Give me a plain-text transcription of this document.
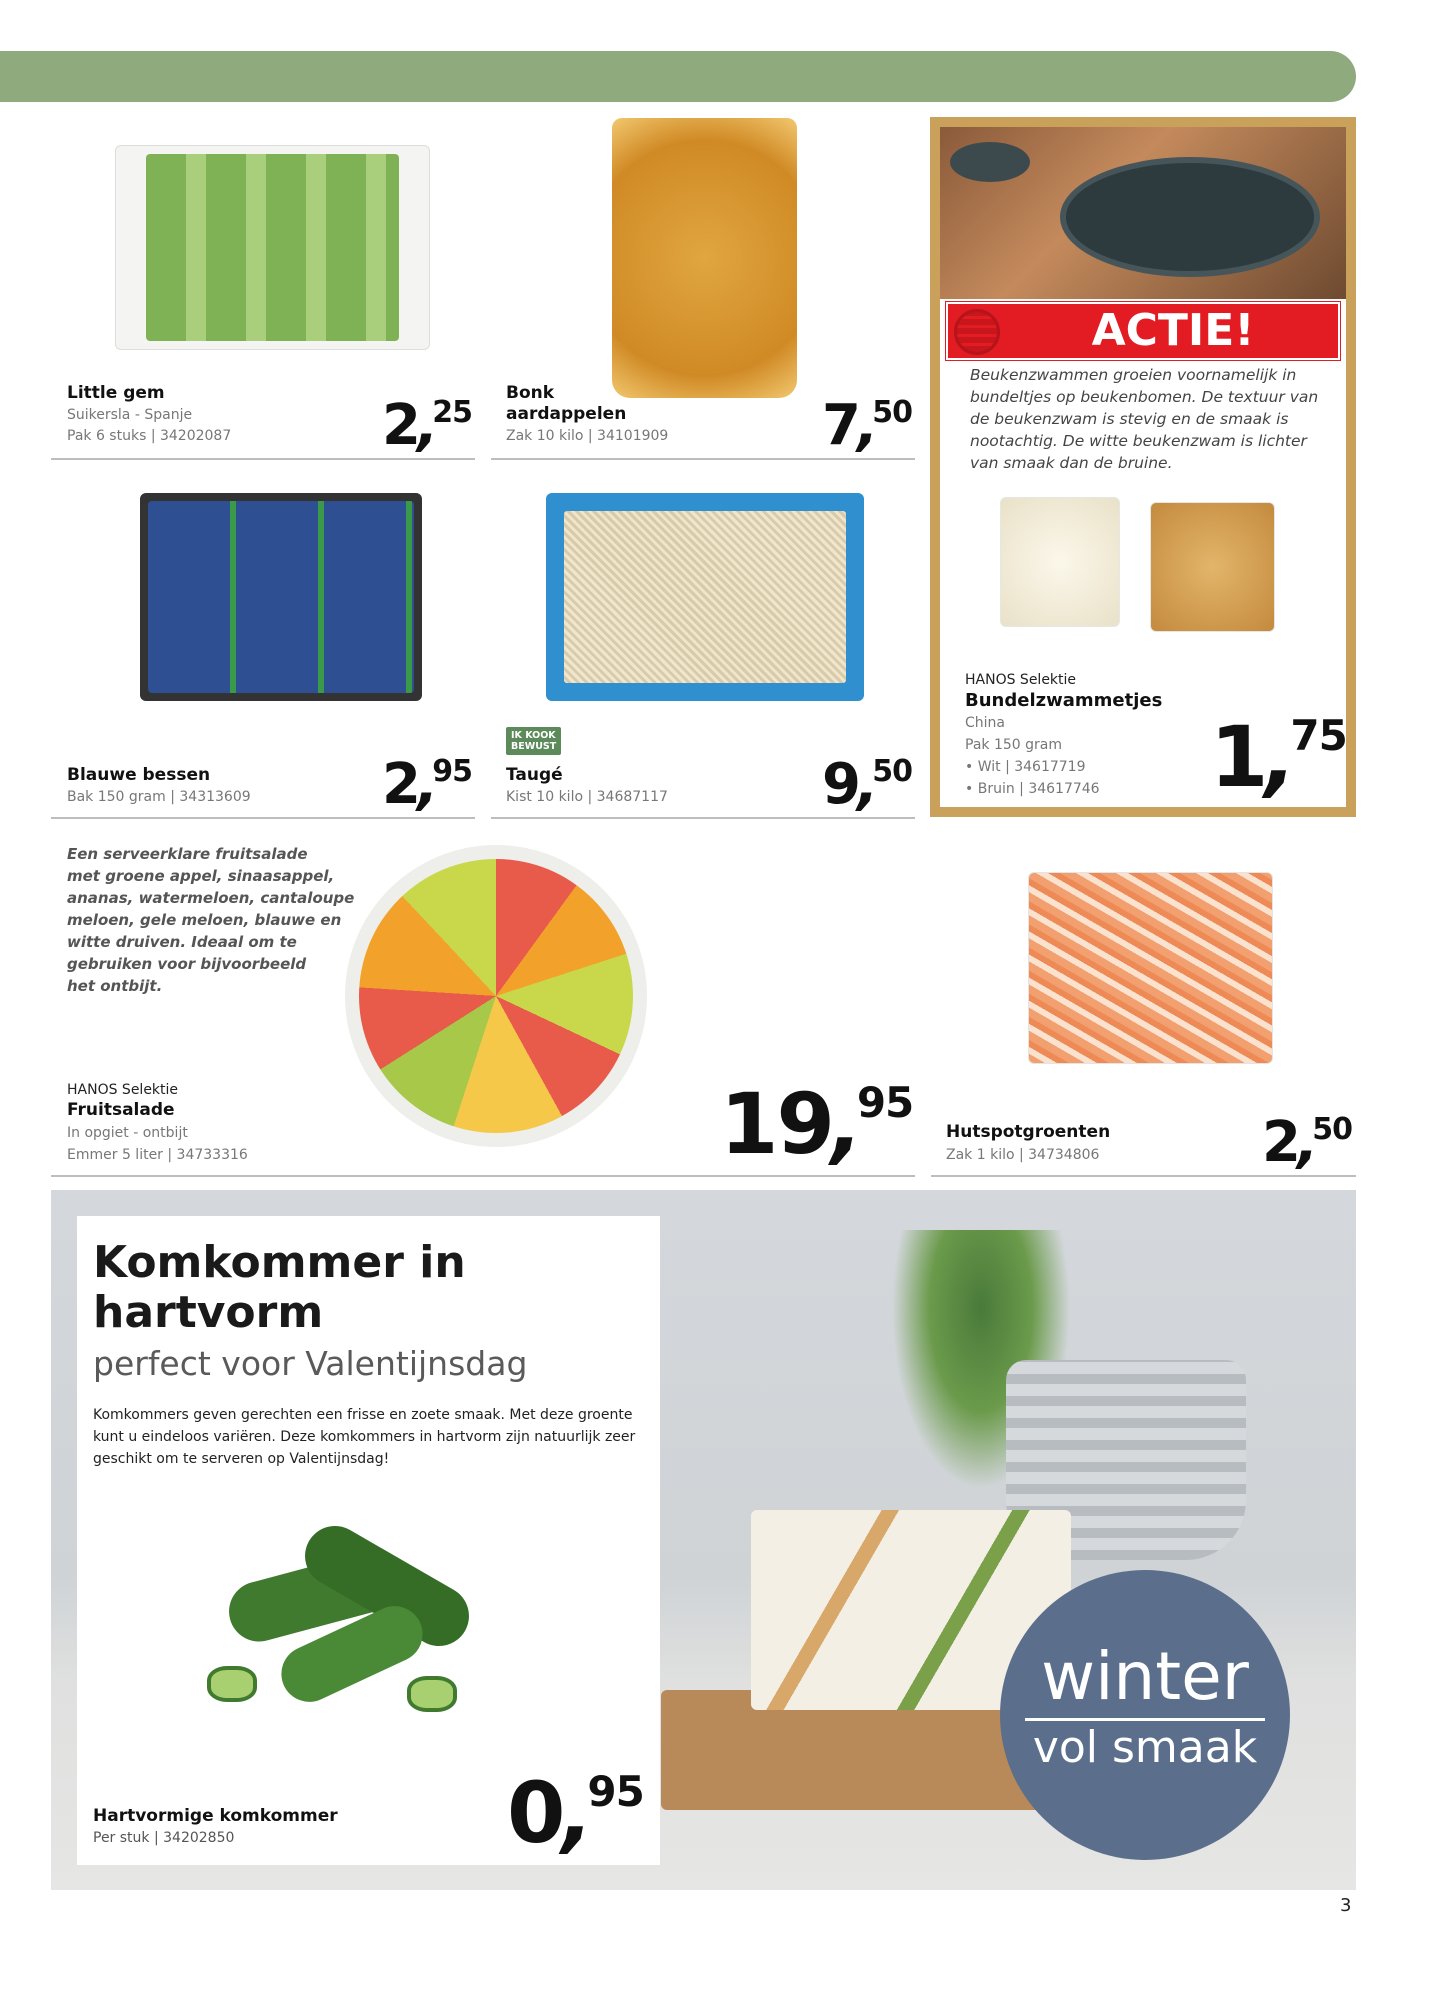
Little gem
Suikersla - Spanje
Pak 6 stuks | 34202087	2
,
25
Bonk
aardappelen
Zak 10 kilo | 34101909	7
,
50
Blauwe bessen
Bak 150 gram | 34313609 2
,
95
IK KOOK
BEWUST
Taugé
Kist 10 kilo | 34687117	9
,
50
ACTIE!
Beukenzwammen groeien voornamelijk in
bundeltjes op beukenbomen. De textuur van
de beukenzwam is stevig en de smaak is
nootachtig. De witte beukenzwam is lichter
van smaak dan de bruine.
HANOS Selektie
Bundelzwammetjes
China
Pak 150 gram
• Wit | 34617719
• Bruin | 34617746 1
,
75
Een serveerklare fruitsalade
met groene appel, sinaasappel,
ananas, watermeloen, cantaloupe
meloen, gele meloen, blauwe en
witte druiven. Ideaal om te
gebruiken voor bijvoorbeeld
het ontbijt.
HANOS Selektie
Fruitsalade
In opgiet - ontbijt
Emmer 5 liter | 34733316	19
,
95
Hutspotgroenten
Zak 1 kilo | 34734806	2
,
50
Komkommer in
hartvorm
perfect voor Valentijnsdag
Komkommers geven gerechten een frisse en zoete smaak. Met deze groente
kunt u eindeloos variëren. Deze komkommers in hartvorm zijn natuurlijk zeer
geschikt om te serveren op Valentijnsdag!
Hartvormige komkommer
Per stuk | 34202850	0
,
95
winter
vol smaak
3
